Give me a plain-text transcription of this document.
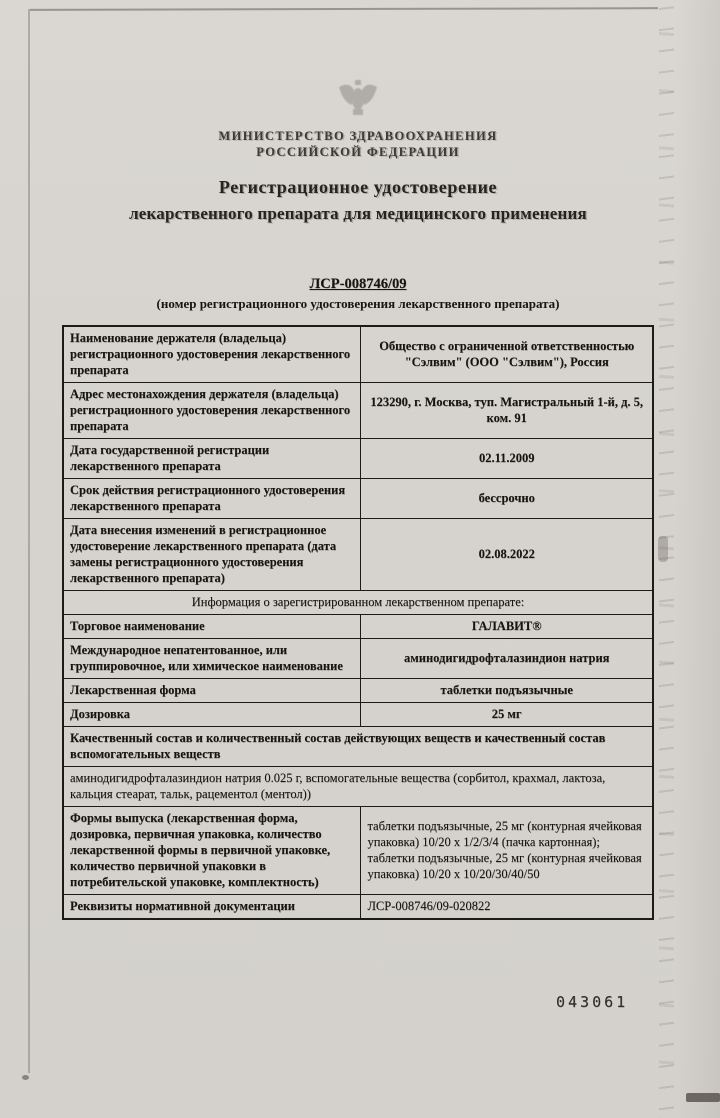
МИНИСТЕРСТВО ЗДРАВООХРАНЕНИЯ
РОССИЙСКОЙ ФЕДЕРАЦИИ
Регистрационное удостоверение
лекарственного препарата для медицинского применения
ЛСР-008746/09
(номер регистрационного удостоверения лекарственного препарата)
Наименование держателя (владельца) регистрационного удостоверения лекарственного препарата	Общество с ограниченной ответственностью "Сэлвим" (ООО "Сэлвим"), Россия
Адрес местонахождения держателя (владельца) регистрационного удостоверения лекарственного препарата	123290, г. Москва, туп. Магистральный 1-й, д. 5, ком. 91
Дата государственной регистрации лекарственного препарата	02.11.2009
Срок действия регистрационного удостоверения лекарственного препарата	бессрочно
Дата внесения изменений в регистрационное удостоверение лекарственного препарата (дата замены регистрационного удостоверения лекарственного препарата)	02.08.2022
Информация о зарегистрированном лекарственном препарате:	
Торговое наименование	ГАЛАВИТ®
Международное непатентованное, или группировочное, или химическое наименование	аминодигидрофталазиндион натрия
Лекарственная форма	таблетки подъязычные
Дозировка	25 мг
Качественный состав и количественный состав действующих веществ и качественный состав вспомогательных веществ	
аминодигидрофталазиндион натрия 0.025 г, вспомогательные вещества (сорбитол, крахмал, лактоза, кальция стеарат, тальк, рацементол (ментол))	
Формы выпуска (лекарственная форма, дозировка, первичная упаковка, количество лекарственной формы в первичной упаковке, количество первичной упаковки в потребительской упаковке, комплектность)	таблетки подъязычные, 25 мг (контурная ячейковая упаковка) 10/20 х 1/2/3/4 (пачка картонная);
таблетки подъязычные, 25 мг (контурная ячейковая упаковка) 10/20 х 10/20/30/40/50

Реквизиты нормативной документации	ЛСР-008746/09-020822
043061
